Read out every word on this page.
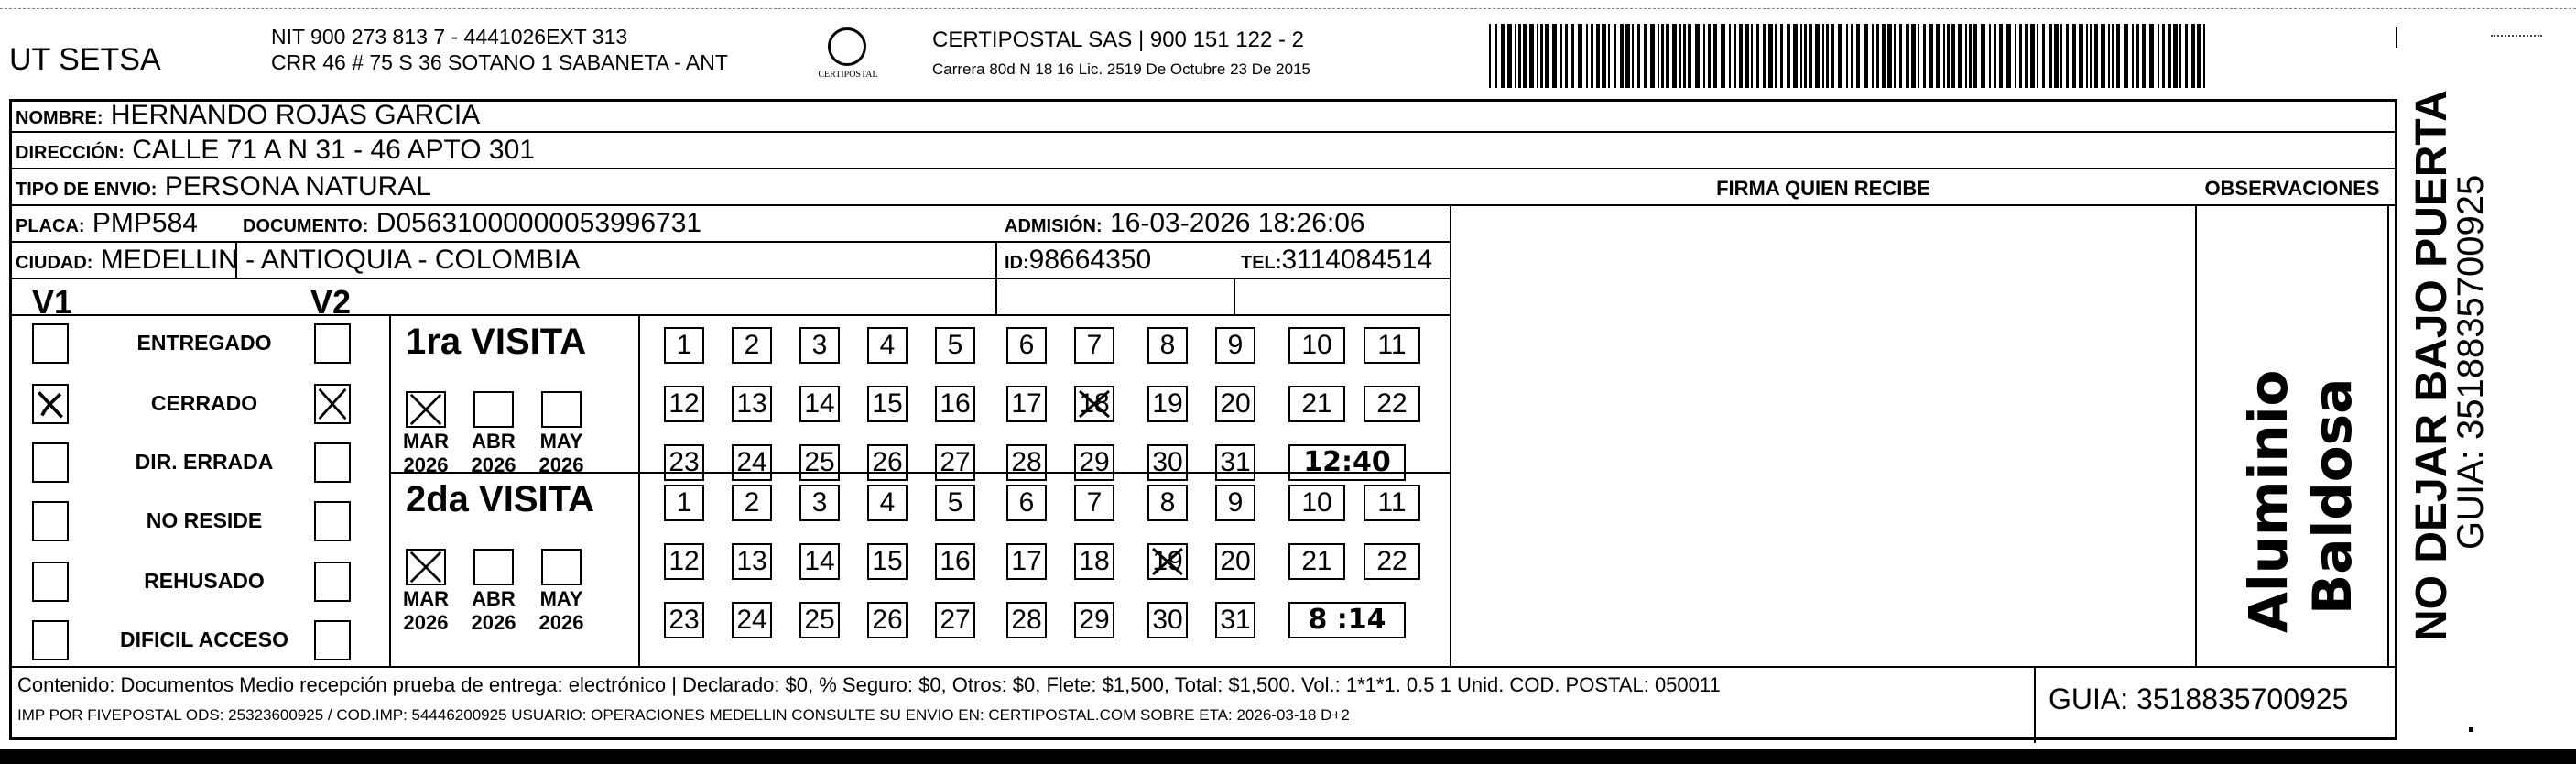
UT SETSA
NIT 900 273 813 7 - 4441026EXT 313
CRR 46 # 75 S 36 SOTANO 1 SABANETA - ANT
CERTIPOSTAL
CERTIPOSTAL SAS | 900 151 122 - 2
Carrera 80d N 18 16 Lic. 2519 De Octubre 23 De 2015
NOMBRE: HERNANDO ROJAS GARCIA
DIRECCIÓN: CALLE 71 A N 31 - 46 APTO 301
TIPO DE ENVIO: PERSONA NATURAL
PLACA: PMP584 DOCUMENTO: D05631000000053996731	ADMISIÓN: 16-03-2026 18:26:06
CIUDAD: MEDELLIN - ANTIOQUIA - COLOMBIA	ID:98664350	TEL:3114084514
FIRMA QUIEN RECIBE	OBSERVACIONES
V1	V2
ENTREGADO
CERRADO
DIR. ERRADA
NO RESIDE
REHUSADO
DIFICIL ACCESO
1ra VISITA
MAR
2026
ABR
2026
MAY
2026
1	2	3	4	5	6	7	8	9	10	11
12 13 14 15 16 17 18 19 20	21	22
23 24 25 26 27 28 29 30 31	12:40
2da VISITA
MAR
2026
ABR
2026
MAY
2026
1	2	3	4	5	6	7	8	9	10	11
12 13 14 15 16 17 18 19 20	21	22
23 24 25 26 27 28 29 30 31	8 :14	Aluminio Baldosa
Contenido: Documentos Medio recepción prueba de entrega: electrónico | Declarado: $0, % Seguro: $0, Otros: $0, Flete: $1,500, Total: $1,500. Vol.: 1*1*1. 0.5 1 Unid. COD. POSTAL: 050011
IMP POR FIVEPOSTAL ODS: 25323600925 / COD.IMP: 54446200925 USUARIO: OPERACIONES MEDELLIN CONSULTE SU ENVIO EN: CERTIPOSTAL.COM SOBRE ETA: 2026-03-18 D+2	GUIA: 3518835700925
NO DEJAR BAJO PUERTA
GUIA: 3518835700925
